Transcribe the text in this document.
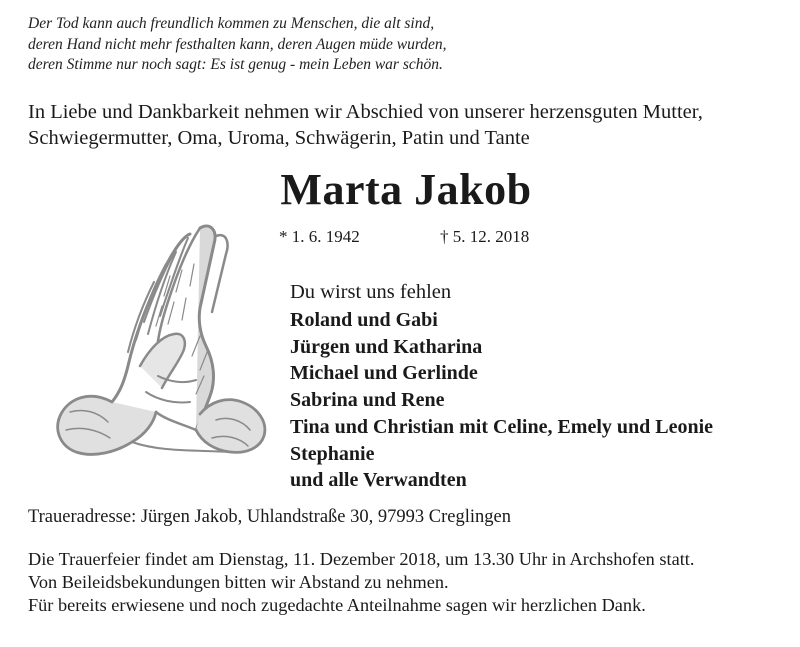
Der Tod kann auch freundlich kommen zu Menschen, die alt sind,
deren Hand nicht mehr festhalten kann, deren Augen müde wurden,
deren Stimme nur noch sagt: Es ist genug - mein Leben war schön.
In Liebe und Dankbarkeit nehmen wir Abschied von unserer herzensguten Mutter,
Schwiegermutter, Oma, Uroma, Schwägerin, Patin und Tante
Marta Jakob
* 1. 6. 1942	† 5. 12. 2018
Du wirst uns fehlen
Roland und Gabi
Jürgen und Katharina
Michael und Gerlinde
Sabrina und Rene
Tina und Christian mit Celine, Emely und Leonie
Stephanie
und alle Verwandten
Traueradresse: Jürgen Jakob, Uhlandstraße 30, 97993 Creglingen
Die Trauerfeier findet am Dienstag, 11. Dezember 2018, um 13.30 Uhr in Archshofen statt.
Von Beileidsbekundungen bitten wir Abstand zu nehmen.
Für bereits erwiesene und noch zugedachte Anteilnahme sagen wir herzlichen Dank.
